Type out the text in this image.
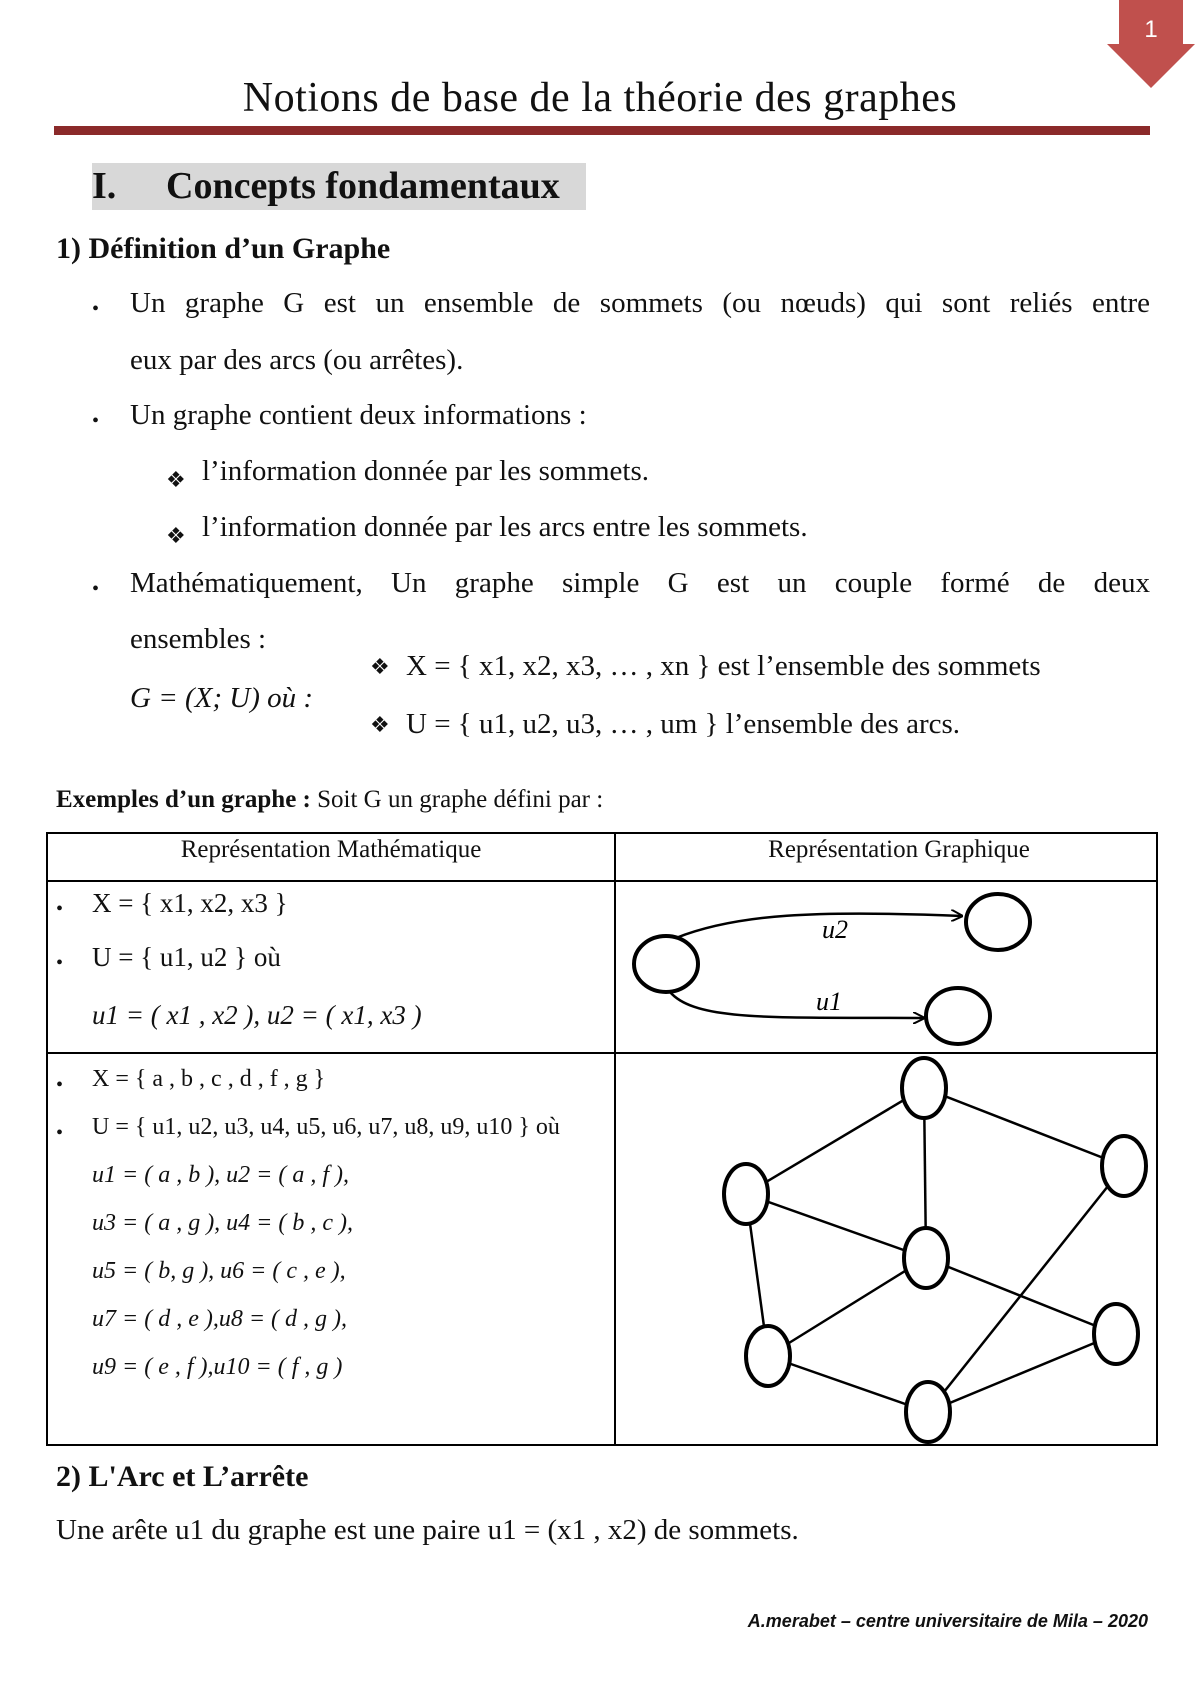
1
Notions de base de la théorie des graphes
I. Concepts fondamentaux
1) Définition d’un Graphe
• Un graphe G est un ensemble de sommets (ou nœuds) qui sont reliés entre
eux par des arcs (ou arrêtes).
• Un graphe contient deux informations :
❖ l’information donnée par les sommets.
❖ l’information donnée par les arcs entre les sommets.
• Mathématiquement, Un graphe simple G est un couple formé de deux
ensembles :
G = (X; U) où :
❖ X = { x1, x2, x3, … , xn } est l’ensemble des sommets
❖ U = { u1, u2, u3, … , um } l’ensemble des arcs.
Exemples d’un graphe : Soit G un graphe défini par :
Représentation Mathématique	Représentation Graphique
• X = { x1, x2, x3 }
• U = { u1, u2 } où
u1 = ( x1 , x2 ), u2 = ( x1, x3 )
u2
u1
• X = { a , b , c , d , f , g }
• U = { u1, u2, u3, u4, u5, u6, u7, u8, u9, u10 } où
u1 = ( a , b ), u2 = ( a , f ),
u3 = ( a , g ), u4 = ( b , c ),
u5 = ( b, g ), u6 = ( c , e ),
u7 = ( d , e ),u8 = ( d , g ),
u9 = ( e , f ),u10 = ( f , g )
2) L'Arc et L’arrête
Une arête u1 du graphe est une paire u1 = (x1 , x2) de sommets.
A.merabet – centre universitaire de Mila – 2020
